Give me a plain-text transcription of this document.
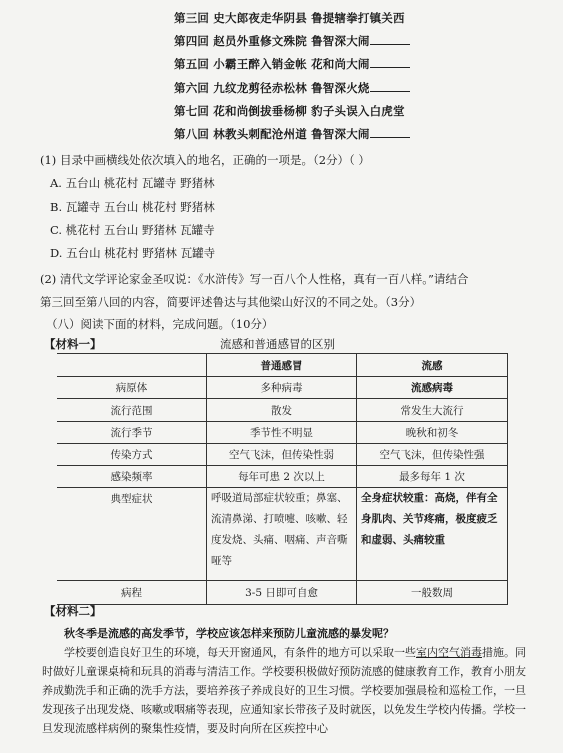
第三回 史大郎夜走华阴县 鲁提辖拳打镇关西
第四回 赵员外重修文殊院 鲁智深大闹
第五回 小霸王醉入销金帐 花和尚大闹
第六回 九纹龙剪径赤松林 鲁智深火烧
第七回 花和尚倒拔垂杨柳 豹子头误入白虎堂
第八回 林教头刺配沧州道 鲁智深大闹
(1) 目录中画横线处依次填入的地名，正确的一项是。（2分）（ ）
A. 五台山 桃花村 瓦罐寺 野猪林
B. 瓦罐寺 五台山 桃花村 野猪林
C. 桃花村 五台山 野猪林 瓦罐寺
D. 五台山 桃花村 野猪林 瓦罐寺
(2) 清代文学评论家金圣叹说：《水浒传》写一百八个人性格，真有一百八样。”请结合
第三回至第八回的内容，简要评述鲁达与其他梁山好汉的不同之处。（3分）
（八）阅读下面的材料，完成问题。（10分）
【材料一】	流感和普通感冒的区别
	普通感冒	流感
病原体	多种病毒	流感病毒
流行范围	散发	常发生大流行
流行季节	季节性不明显	晚秋和初冬
传染方式	空气飞沫，但传染性弱	空气飞沫，但传染性强
感染频率	每年可患 2 次以上	最多每年 1 次
典型症状	呼吸道局部症状较重；鼻塞、流清鼻涕、打喷嚏、咳嗽、轻度发烧、头痛、咽痛、声音嘶哑等	全身症状较重：高烧，伴有全身肌肉、关节疼痛，极度疲乏和虚弱、头痛较重
病程	3-5 日即可自愈	一般数周
【材料二】

秋冬季是流感的高发季节，学校应该怎样来预防儿童流感的暴发呢？

学校要创造良好卫生的环境，每天开窗通风，有条件的地方可以采取一些室内空气消毒措施。同时做好儿童课桌椅和玩具的消毒与清洁工作。学校要积极做好预防流感的健康教育工作，教育小朋友养成勤洗手和正确的洗手方法，要培养孩子养成良好的卫生习惯。学校要加强晨检和巡检工作，一旦发现孩子出现发烧、咳嗽或咽痛等表现，应通知家长带孩子及时就医，以免发生学校内传播。学校一旦发现流感样病例的聚集性疫情，要及时向所在区疾控中心
